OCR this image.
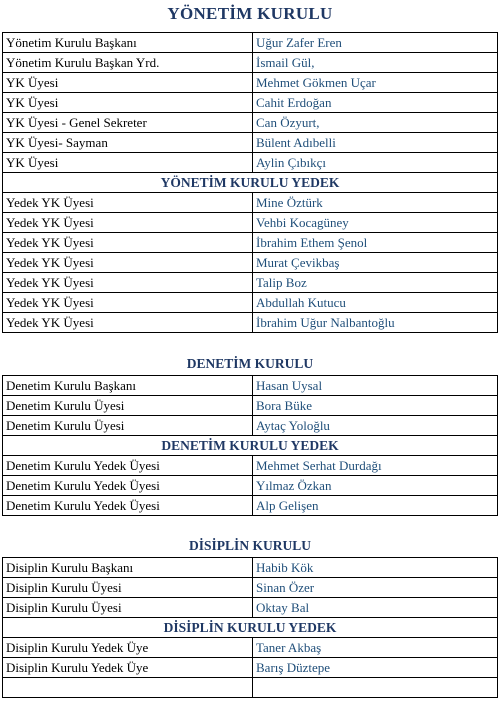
YÖNETİM KURULU
Yönetim Kurulu Başkanı	Uğur Zafer Eren
Yönetim Kurulu Başkan Yrd.	İsmail Gül,
YK Üyesi	Mehmet Gökmen Uçar
YK Üyesi	Cahit Erdoğan
YK Üyesi - Genel Sekreter	Can Özyurt,
YK Üyesi- Sayman	Bülent Adıbelli
YK Üyesi	Aylin Çıbıkçı
YÖNETİM KURULU YEDEK	
Yedek YK Üyesi	Mine Öztürk
Yedek YK Üyesi	Vehbi Kocagüney
Yedek YK Üyesi	İbrahim Ethem Şenol
Yedek YK Üyesi	Murat Çevikbaş
Yedek YK Üyesi	Talip Boz
Yedek YK Üyesi	Abdullah Kutucu
Yedek YK Üyesi	İbrahim Uğur Nalbantoğlu
DENETİM KURULU
Denetim Kurulu Başkanı	Hasan Uysal
Denetim Kurulu Üyesi	Bora Büke
Denetim Kurulu Üyesi	Aytaç Yoloğlu
DENETİM KURULU YEDEK	
Denetim Kurulu Yedek Üyesi	Mehmet Serhat Durdağı
Denetim Kurulu Yedek Üyesi	Yılmaz Özkan
Denetim Kurulu Yedek Üyesi	Alp Gelişen
DİSİPLİN KURULU
Disiplin Kurulu Başkanı	Habib Kök
Disiplin Kurulu Üyesi	Sinan Özer
Disiplin Kurulu Üyesi	Oktay Bal
DİSİPLİN KURULU YEDEK	
Disiplin Kurulu Yedek Üye	Taner Akbaş
Disiplin Kurulu Yedek Üye	Barış Düztepe
